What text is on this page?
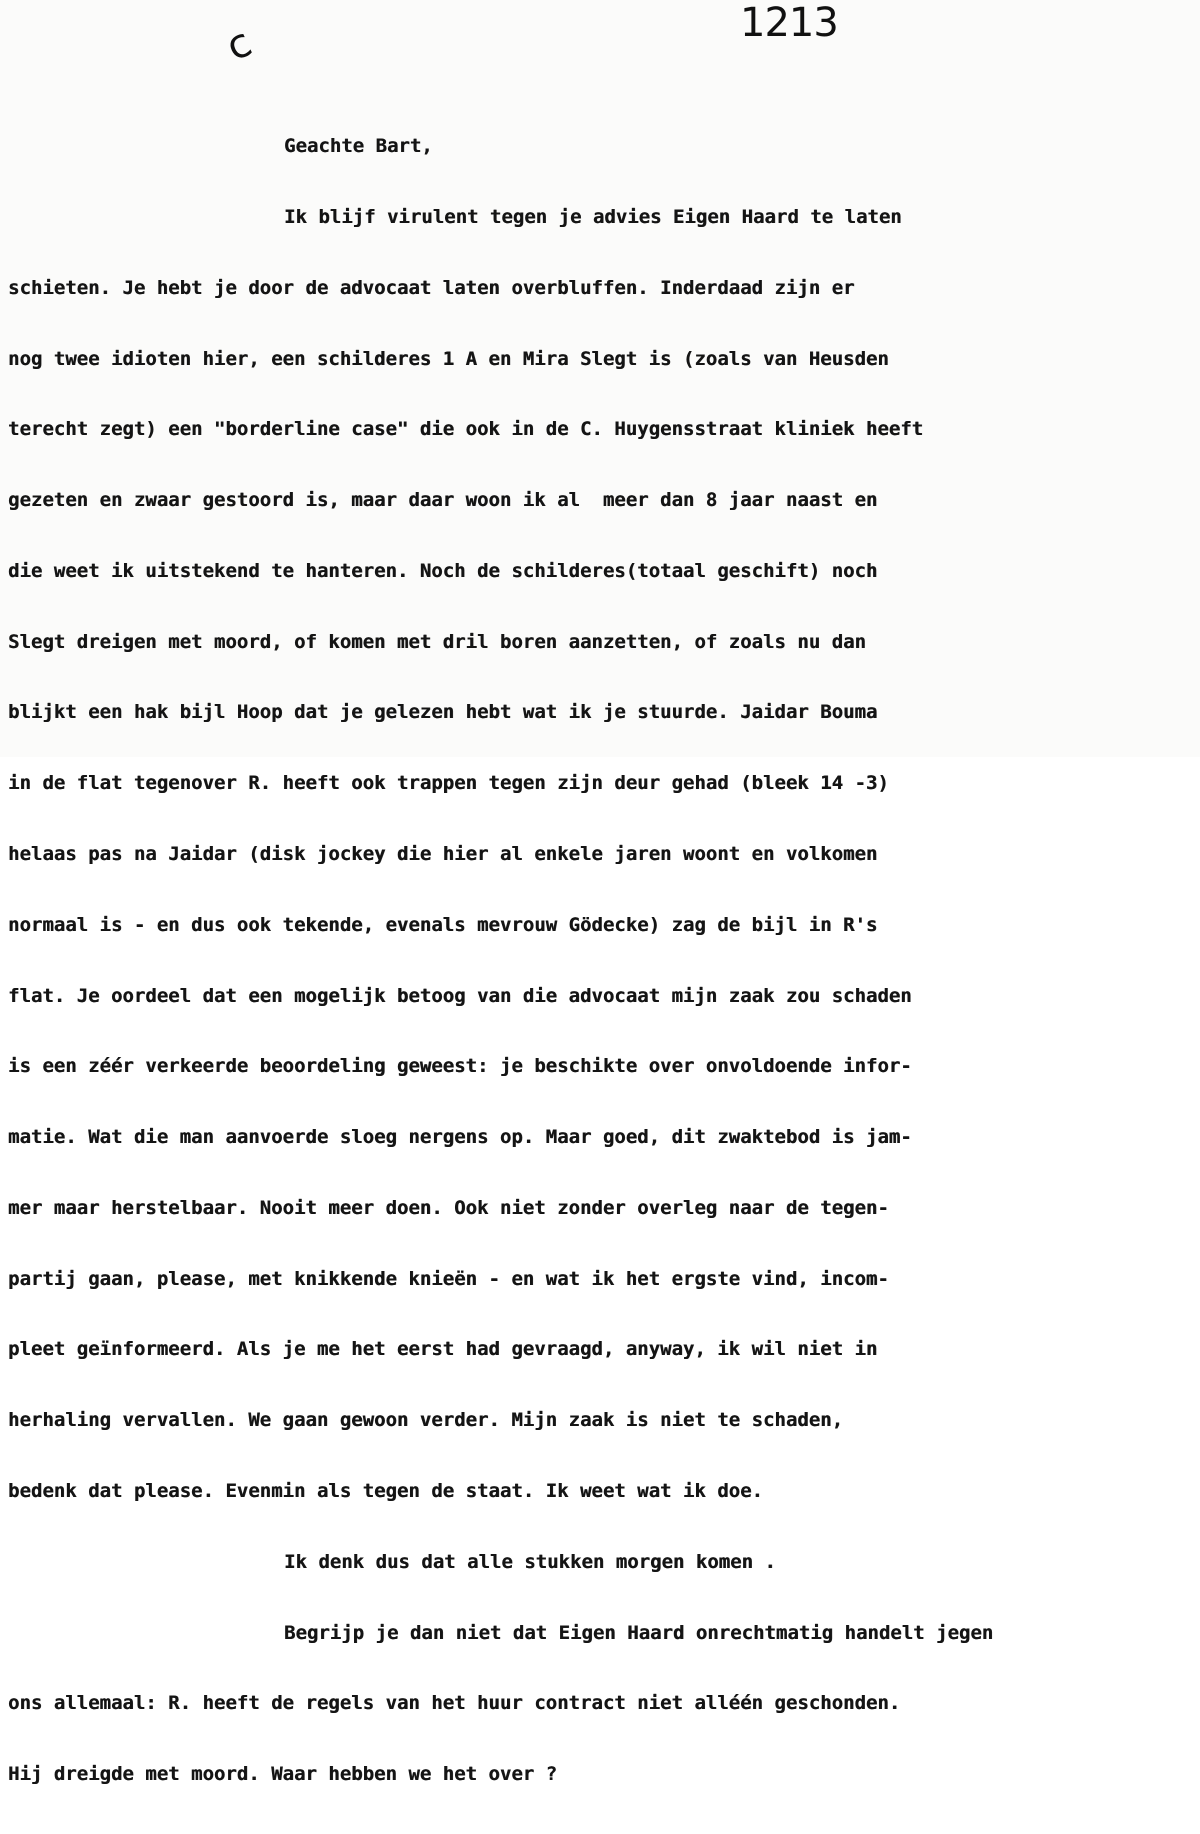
c	1213

Geachte Bart,

Ik blijf virulent tegen je advies Eigen Haard te laten

schieten. Je hebt je door de advocaat laten overbluffen. Inderdaad zijn er

nog twee idioten hier, een schilderes 1 A en Mira Slegt is (zoals van Heusden

terecht zegt) een "borderline case" die ook in de C. Huygensstraat kliniek heeft

gezeten en zwaar gestoord is, maar daar woon ik al  meer dan 8 jaar naast en

die weet ik uitstekend te hanteren. Noch de schilderes(totaal geschift) noch

Slegt dreigen met moord, of komen met dril boren aanzetten, of zoals nu dan

blijkt een hak bijl Hoop dat je gelezen hebt wat ik je stuurde. Jaidar Bouma

in de flat tegenover R. heeft ook trappen tegen zijn deur gehad (bleek 14 -3)

helaas pas na Jaidar (disk jockey die hier al enkele jaren woont en volkomen

normaal is - en dus ook tekende, evenals mevrouw Gödecke) zag de bijl in R's

flat. Je oordeel dat een mogelijk betoog van die advocaat mijn zaak zou schaden

is een zéér verkeerde beoordeling geweest: je beschikte over onvoldoende infor-

matie. Wat die man aanvoerde sloeg nergens op. Maar goed, dit zwaktebod is jam-

mer maar herstelbaar. Nooit meer doen. Ook niet zonder overleg naar de tegen-

partij gaan, please, met knikkende knieën - en wat ik het ergste vind, incom-

pleet geïnformeerd. Als je me het eerst had gevraagd, anyway, ik wil niet in

herhaling vervallen. We gaan gewoon verder. Mijn zaak is niet te schaden,

bedenk dat please. Evenmin als tegen de staat. Ik weet wat ik doe.

Ik denk dus dat alle stukken morgen komen .

Begrijp je dan niet dat Eigen Haard onrechtmatig handelt jegen

ons allemaal: R. heeft de regels van het huur contract niet alléén geschonden.

Hij dreigde met moord. Waar hebben we het over ?
